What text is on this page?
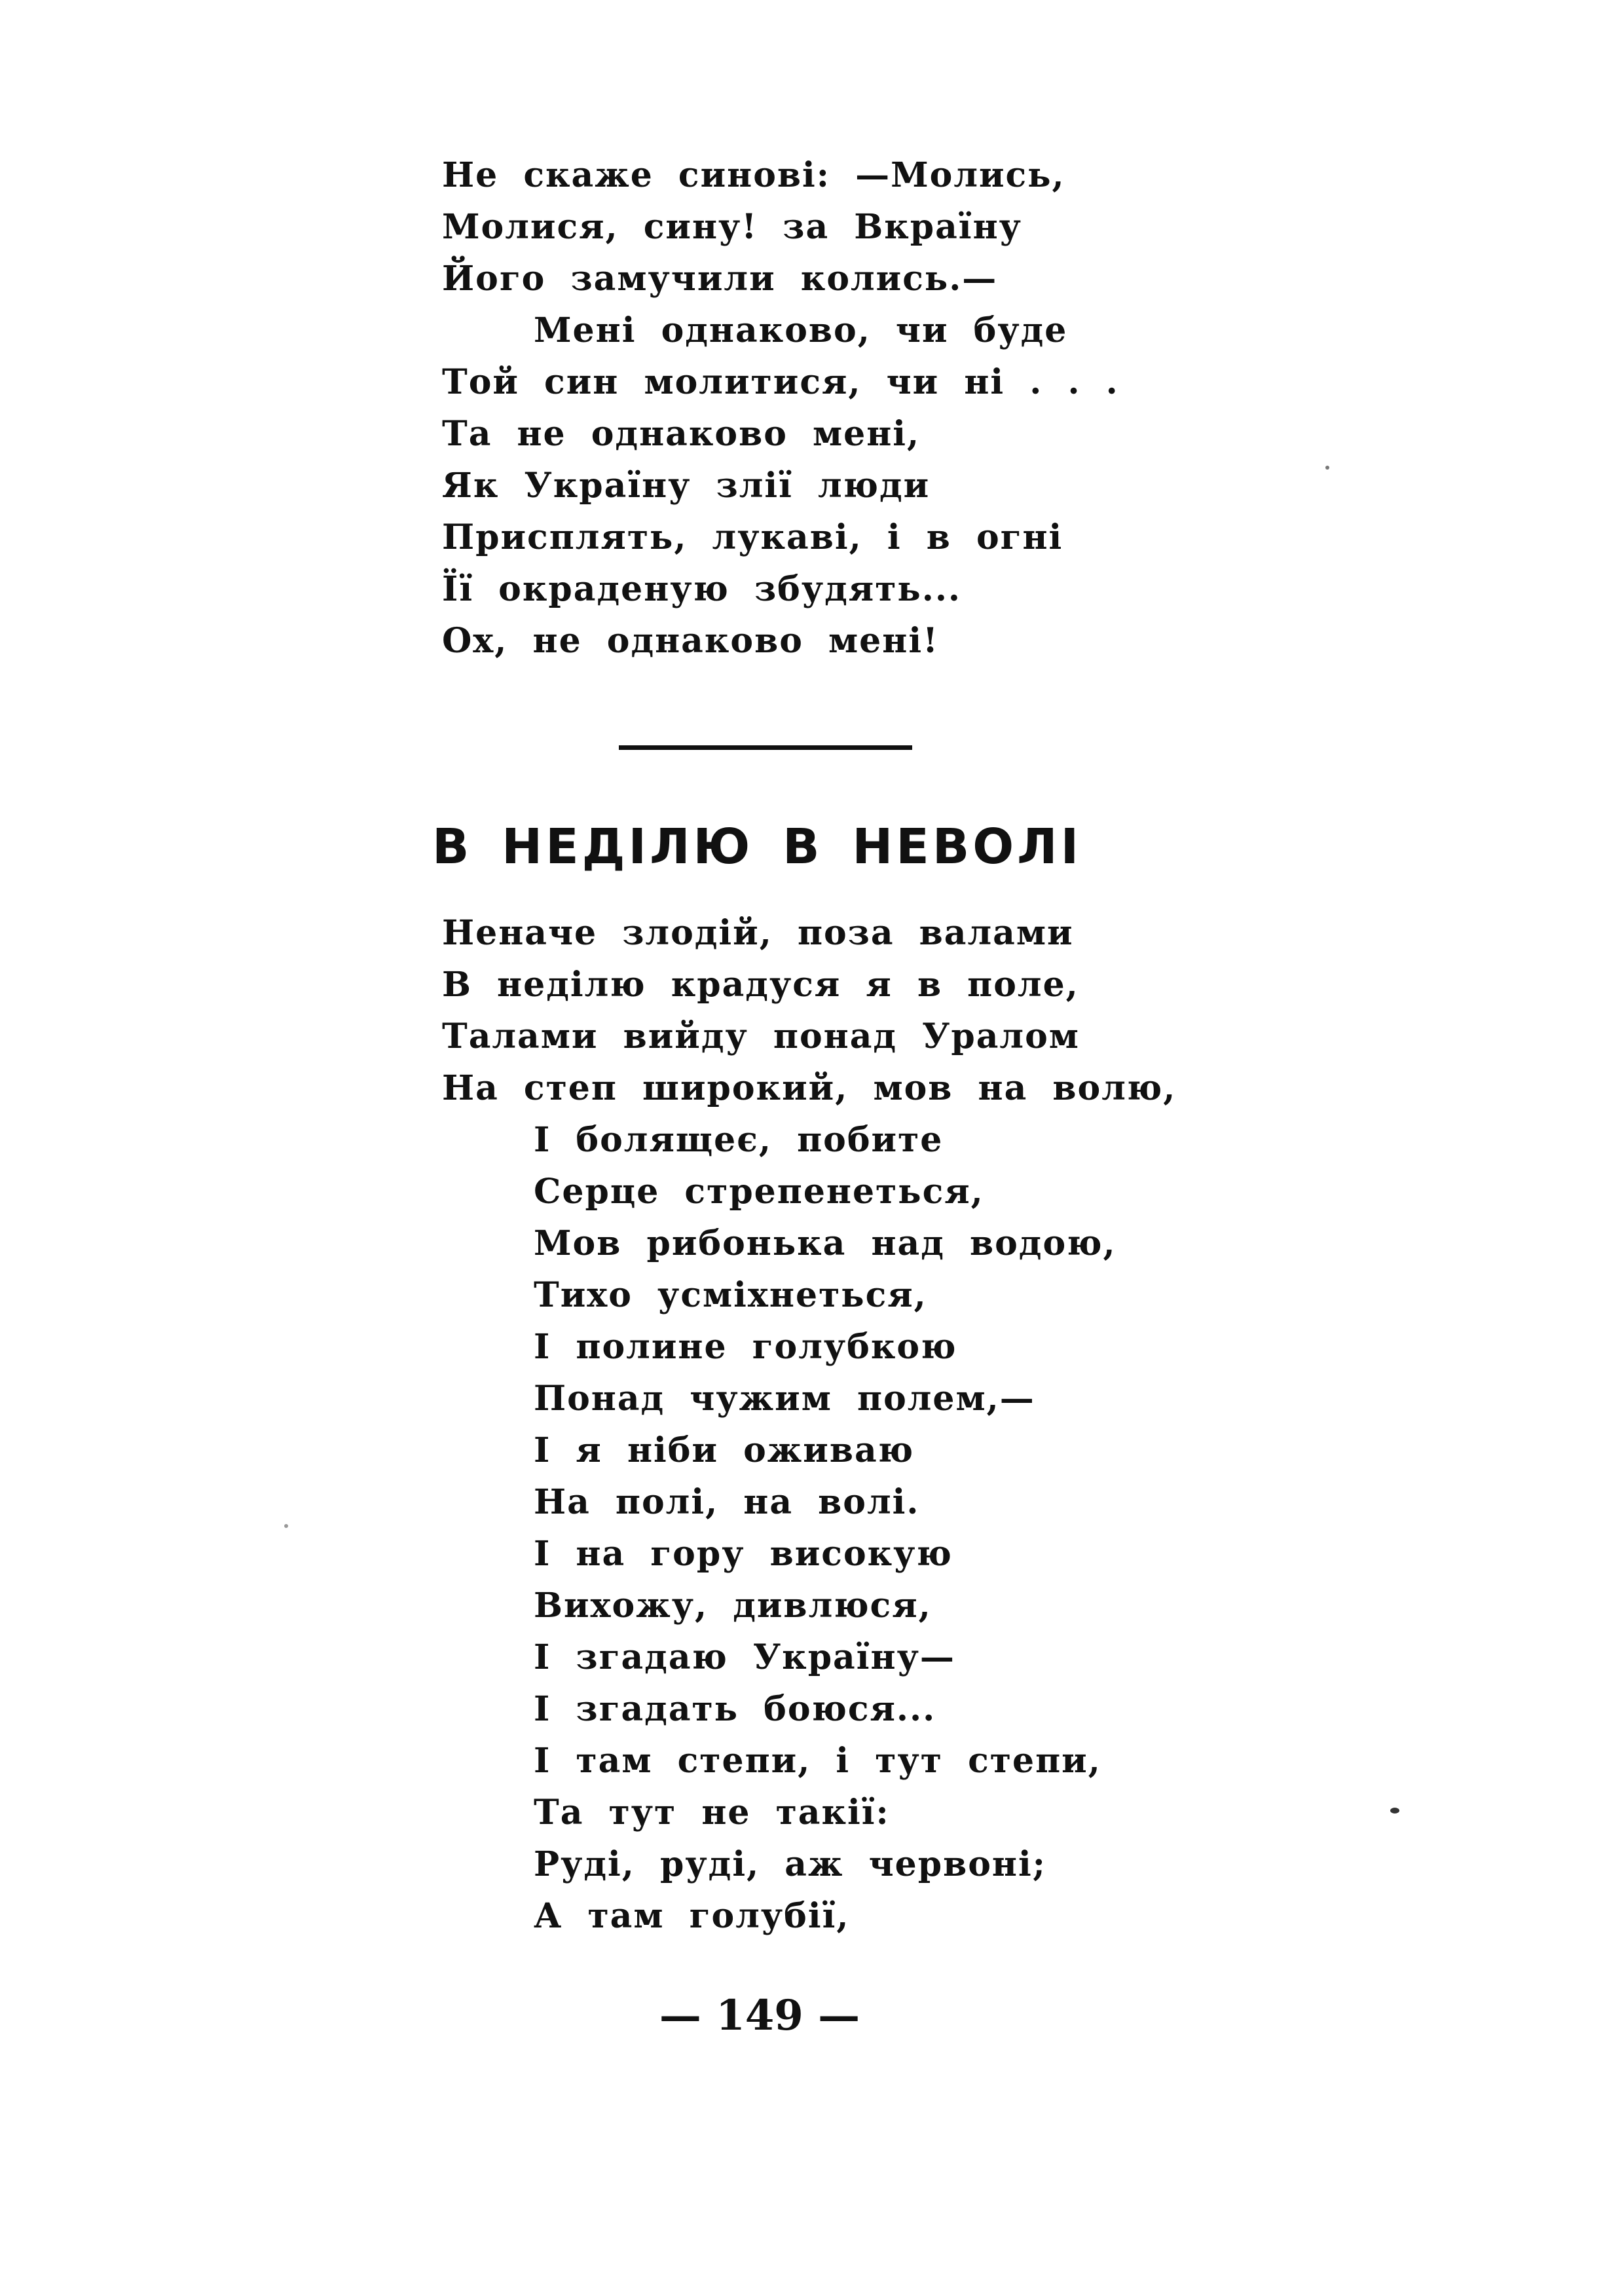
Не скаже синові: —Молись,
Молися, сину! за Вкраїну
Його замучили колись.—
Мені однаково, чи буде
Той син молитися, чи ні . . .
Та не однаково мені,
Як Україну злії люди
Присплять, лукаві, і в огні
Її окраденую збудять...
Ох, не однаково мені!
В НЕДІЛЮ В НЕВОЛІ
Неначе злодій, поза валами
В неділю крадуся я в поле,
Талами вийду понад Уралом
На степ широкий, мов на волю,
І болящеє, побите
Серце стрепенеться,
Мов рибонька над водою,
Тихо усміхнеться,
І полине голубкою
Понад чужим полем,—
І я ніби оживаю
На полі, на волі.
І на гору високую
Вихожу, дивлюся,
І згадаю Україну—
І згадать боюся...
І там степи, і тут степи,
Та тут не такії:
Руді, руді, аж червоні;
А там голубії,

— 149 —
